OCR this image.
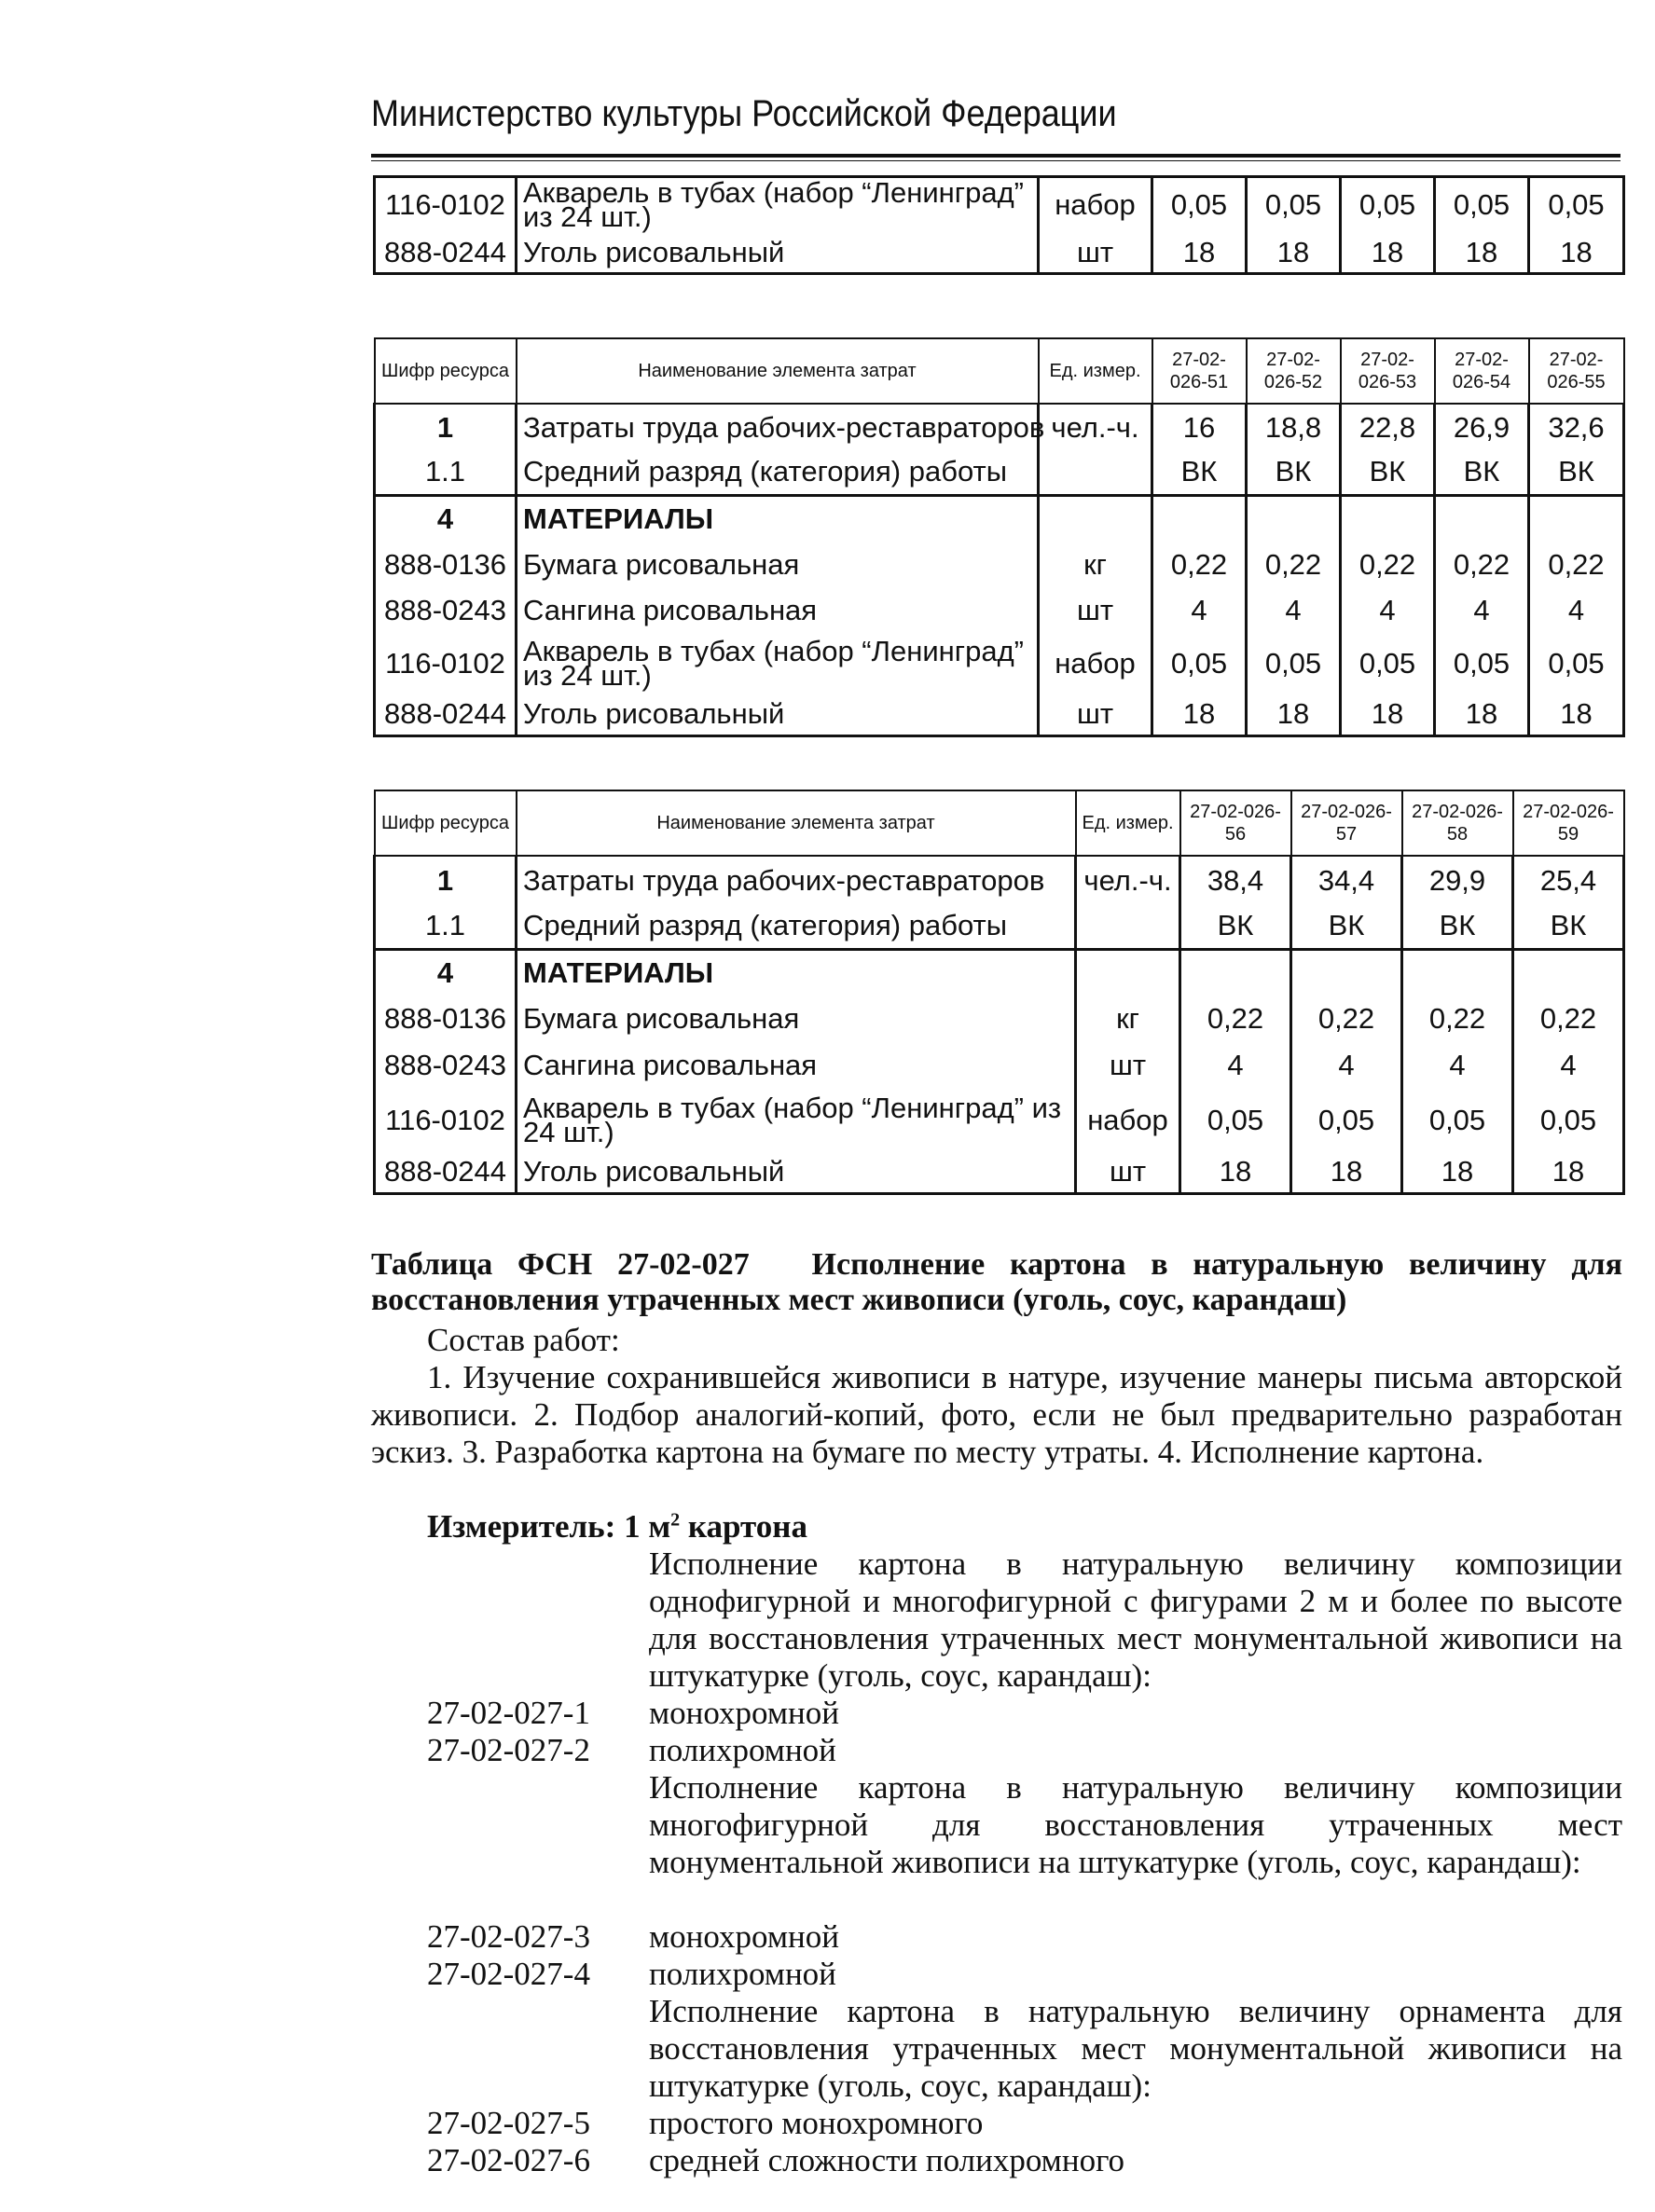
Министерство культуры Российской Федерации
116-0102	Акварель в тубах (набор “Ленинград” из 24 шт.)	набор	0,05	0,05	0,05	0,05	0,05
888-0244	Уголь рисовальный	шт	18	18	18	18	18
Шифр ресурса	Наименование элемента затрат	Ед. измер.	27-02-026-51	27-02-026-52	27-02-026-53	27-02-026-54	27-02-026-55
1	Затраты труда рабочих-реставраторов	чел.-ч.	16	18,8	22,8	26,9	32,6
1.1	Средний разряд (категория) работы		ВК	ВК	ВК	ВК	ВК
4	МАТЕРИАЛЫ						
888-0136	Бумага рисовальная	кг	0,22	0,22	0,22	0,22	0,22
888-0243	Сангина рисовальная	шт	4	4	4	4	4
116-0102	Акварель в тубах (набор “Ленинград” из 24 шт.)	набор	0,05	0,05	0,05	0,05	0,05
888-0244	Уголь рисовальный	шт	18	18	18	18	18
Шифр ресурса	Наименование элемента затрат	Ед. измер.	27-02-026-56	27-02-026-57	27-02-026-58	27-02-026-59
1	Затраты труда рабочих-реставраторов	чел.-ч.	38,4	34,4	29,9	25,4
1.1	Средний разряд (категория) работы		ВК	ВК	ВК	ВК
4	МАТЕРИАЛЫ					
888-0136	Бумага рисовальная	кг	0,22	0,22	0,22	0,22
888-0243	Сангина рисовальная	шт	4	4	4	4
116-0102	Акварель в тубах (набор “Ленинград” из 24 шт.)	набор	0,05	0,05	0,05	0,05
888-0244	Уголь рисовальный	шт	18	18	18	18
Таблица ФСН 27-02-027 Исполнение картона в натуральную величину для восстановления утраченных мест живописи (уголь, соус, карандаш)
Состав работ:
1. Изучение сохранившейся живописи в натуре, изучение манеры письма авторской живописи. 2. Подбор аналогий-копий, фото, если не был предварительно разработан эскиз. 3. Разработка картона на бумаге по месту утраты. 4. Исполнение картона.
Измеритель: 1 $м^2$ картона
Исполнение картона в натуральную величину композиции однофигурной и многофигурной с фигурами 2 м и более по высоте для восстановления утраченных мест монументальной живописи на штукатурке (уголь, соус, карандаш):
27-02-027-1 монохромной
27-02-027-2 полихромной
Исполнение картона в натуральную величину композиции многофигурной для восстановления утраченных мест монументальной живописи на штукатурке (уголь, соус, карандаш):
27-02-027-3 монохромной
27-02-027-4 полихромной
Исполнение картона в натуральную величину орнамента для восстановления утраченных мест монументальной живописи на штукатурке (уголь, соус, карандаш):
27-02-027-5 простого монохромного
27-02-027-6 средней сложности полихромного
